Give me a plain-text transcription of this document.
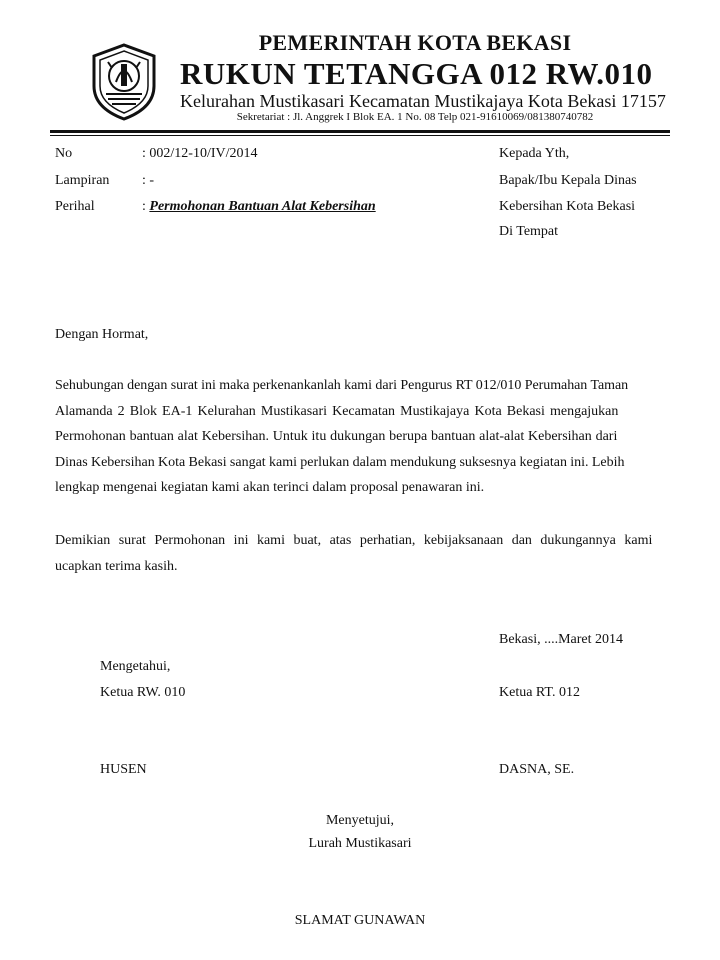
PEMERINTAH KOTA BEKASI
RUKUN TETANGGA 012 RW.010
Kelurahan Mustikasari Kecamatan Mustikajaya Kota Bekasi 17157
Sekretariat : Jl. Anggrek I Blok EA. 1 No. 08 Telp 021-91610069/081380740782
No	: 002/12-10/IV/2014
Lampiran : -
Perihal	: Permohonan Bantuan Alat Kebersihan
Kepada Yth,
Bapak/Ibu Kepala Dinas
Kebersihan Kota Bekasi
Di Tempat
Dengan Hormat,
Sehubungan dengan surat ini maka perkenankanlah kami dari Pengurus RT 012/010 Perumahan Taman
Alamanda 2 Blok EA-1 Kelurahan Mustikasari Kecamatan Mustikajaya Kota Bekasi mengajukan
Permohonan bantuan alat Kebersihan. Untuk itu dukungan berupa bantuan alat-alat Kebersihan dari
Dinas Kebersihan Kota Bekasi sangat kami perlukan dalam mendukung suksesnya kegiatan ini. Lebih
lengkap mengenai kegiatan kami akan terinci dalam proposal penawaran ini.
Demikian surat Permohonan ini kami buat, atas perhatian, kebijaksanaan dan dukungannya kami
ucapkan terima kasih.
Bekasi, ....Maret 2014
Mengetahui,
Ketua RW. 010	Ketua RT. 012
HUSEN	DASNA, SE.
Menyetujui,
Lurah Mustikasari
SLAMAT GUNAWAN
